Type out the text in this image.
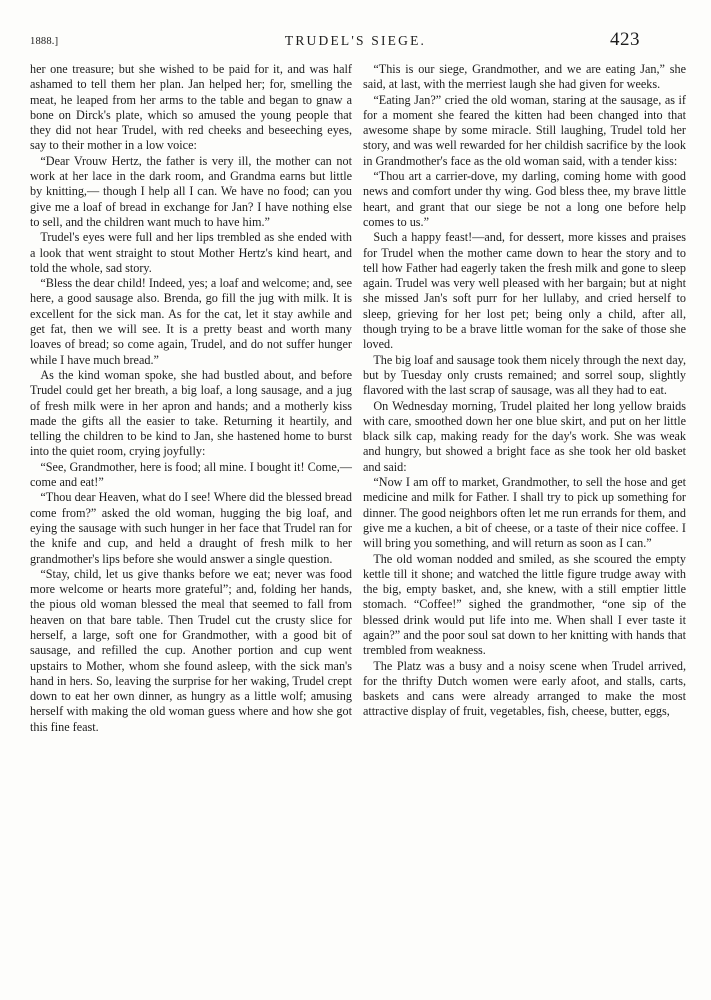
1888.]	TRUDEL'S SIEGE.	423

her one treasure; but she wished to be paid for it, and was half ashamed to tell them her plan. Jan helped her; for, smelling the meat, he leaped from her arms to the table and began to gnaw a bone on Dirck's plate, which so amused the young people that they did not hear Trudel, with red cheeks and beseeching eyes, say to their mother in a low voice:

“Dear Vrouw Hertz, the father is very ill, the mother can not work at her lace in the dark room, and Grandma earns but little by knitting,— though I help all I can. We have no food; can you give me a loaf of bread in exchange for Jan? I have nothing else to sell, and the children want much to have him.”

Trudel's eyes were full and her lips trembled as she ended with a look that went straight to stout Mother Hertz's kind heart, and told the whole, sad story.

“Bless the dear child! Indeed, yes; a loaf and welcome; and, see here, a good sausage also. Brenda, go fill the jug with milk. It is excellent for the sick man. As for the cat, let it stay awhile and get fat, then we will see. It is a pretty beast and worth many loaves of bread; so come again, Trudel, and do not suffer hunger while I have much bread.”

As the kind woman spoke, she had bustled about, and before Trudel could get her breath, a big loaf, a long sausage, and a jug of fresh milk were in her apron and hands; and a motherly kiss made the gifts all the easier to take. Returning it heartily, and telling the children to be kind to Jan, she hastened home to burst into the quiet room, crying joyfully:

“See, Grandmother, here is food; all mine. I bought it! Come,— come and eat!”

“Thou dear Heaven, what do I see! Where did the blessed bread come from?” asked the old woman, hugging the big loaf, and eying the sausage with such hunger in her face that Trudel ran for the knife and cup, and held a draught of fresh milk to her grandmother's lips before she would answer a single question.

“Stay, child, let us give thanks before we eat; never was food more welcome or hearts more grateful”; and, folding her hands, the pious old woman blessed the meal that seemed to fall from heaven on that bare table. Then Trudel cut the crusty slice for herself, a large, soft one for Grandmother, with a good bit of sausage, and refilled the cup. Another portion and cup went upstairs to Mother, whom she found asleep, with the sick man's hand in hers. So, leaving the surprise for her waking, Trudel crept down to eat her own dinner, as hungry as a little wolf; amusing herself with making the old woman guess where and how she got this fine feast.

“This is our siege, Grandmother, and we are eating Jan,” she said, at last, with the merriest laugh she had given for weeks.

“Eating Jan?” cried the old woman, staring at the sausage, as if for a moment she feared the kitten had been changed into that awesome shape by some miracle. Still laughing, Trudel told her story, and was well rewarded for her childish sacrifice by the look in Grandmother's face as the old woman said, with a tender kiss:

“Thou art a carrier-dove, my darling, coming home with good news and comfort under thy wing. God bless thee, my brave little heart, and grant that our siege be not a long one before help comes to us.”

Such a happy feast!—and, for dessert, more kisses and praises for Trudel when the mother came down to hear the story and to tell how Father had eagerly taken the fresh milk and gone to sleep again. Trudel was very well pleased with her bargain; but at night she missed Jan's soft purr for her lullaby, and cried herself to sleep, grieving for her lost pet; being only a child, after all, though trying to be a brave little woman for the sake of those she loved.

The big loaf and sausage took them nicely through the next day, but by Tuesday only crusts remained; and sorrel soup, slightly flavored with the last scrap of sausage, was all they had to eat.

On Wednesday morning, Trudel plaited her long yellow braids with care, smoothed down her one blue skirt, and put on her little black silk cap, making ready for the day's work. She was weak and hungry, but showed a bright face as she took her old basket and said:

“Now I am off to market, Grandmother, to sell the hose and get medicine and milk for Father. I shall try to pick up something for dinner. The good neighbors often let me run errands for them, and give me a kuchen, a bit of cheese, or a taste of their nice coffee. I will bring you something, and will return as soon as I can.”

The old woman nodded and smiled, as she scoured the empty kettle till it shone; and watched the little figure trudge away with the big, empty basket, and, she knew, with a still emptier little stomach. “Coffee!” sighed the grandmother, “one sip of the blessed drink would put life into me. When shall I ever taste it again?” and the poor soul sat down to her knitting with hands that trembled from weakness.

The Platz was a busy and a noisy scene when Trudel arrived, for the thrifty Dutch women were early afoot, and stalls, carts, baskets and cans were already arranged to make the most attractive display of fruit, vegetables, fish, cheese, butter, eggs,
